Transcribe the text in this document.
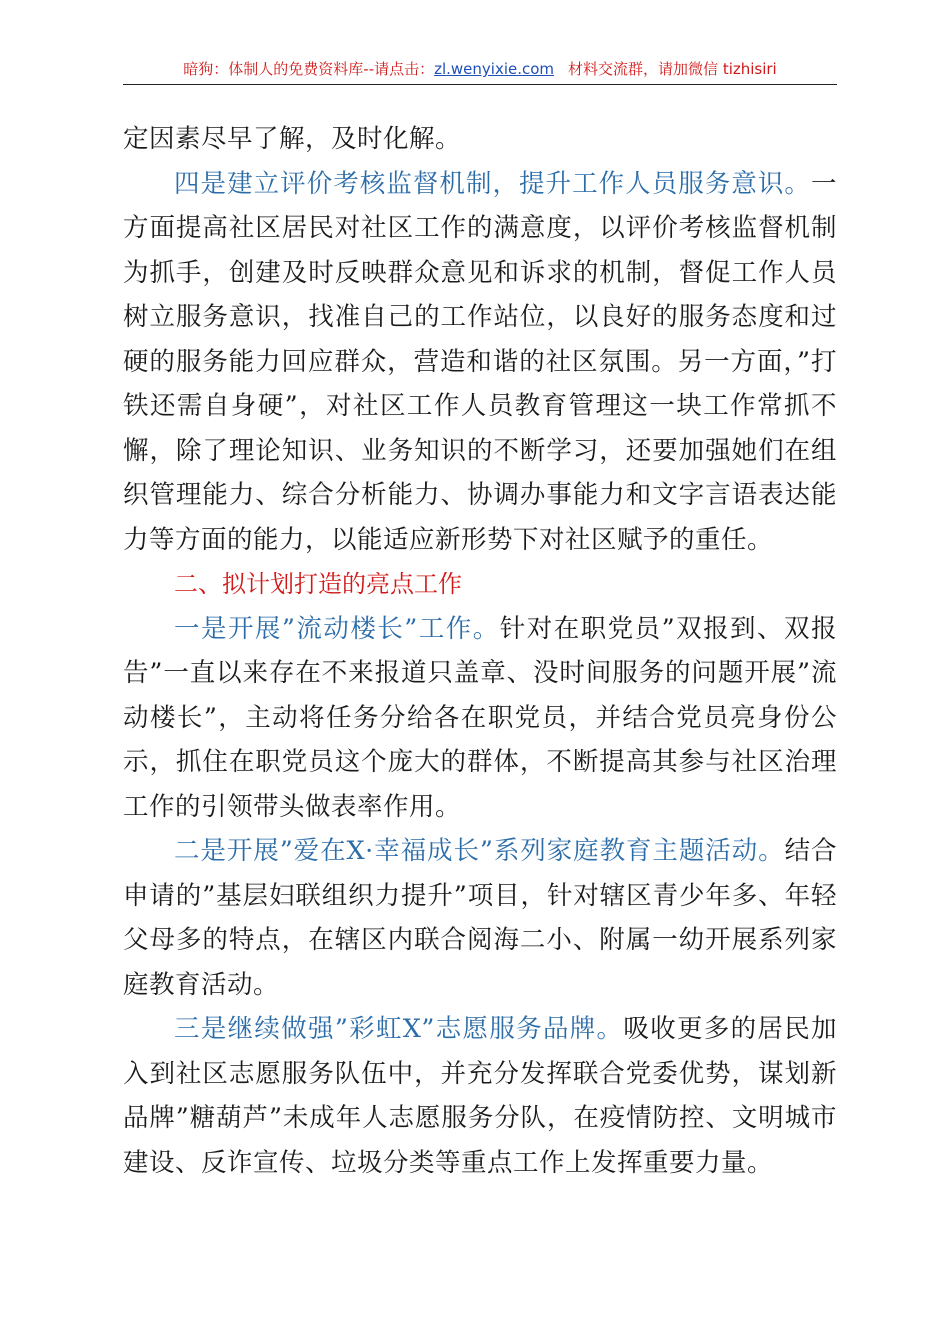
暗狗：体制人的免费资料库--请点击：zl.wenyixie.com 材料交流群，请加微信 tizhisiri

定因素尽早了解，及时化解。

四是建立评价考核监督机制，提升工作人员服务意识。一方面提高社区居民对社区工作的满意度，以评价考核监督机制为抓手，创建及时反映群众意见和诉求的机制，督促工作人员树立服务意识，找准自己的工作站位，以良好的服务态度和过硬的服务能力回应群众，营造和谐的社区氛围。另一方面，”打铁还需自身硬”，对社区工作人员教育管理这一块工作常抓不懈，除了理论知识、业务知识的不断学习，还要加强她们在组织管理能力、综合分析能力、协调办事能力和文字言语表达能力等方面的能力，以能适应新形势下对社区赋予的重任。

二、拟计划打造的亮点工作

一是开展”流动楼长”工作。针对在职党员”双报到、双报告”一直以来存在不来报道只盖章、没时间服务的问题开展”流动楼长”，主动将任务分给各在职党员，并结合党员亮身份公示，抓住在职党员这个庞大的群体，不断提高其参与社区治理工作的引领带头做表率作用。

二是开展”爱在X·幸福成长”系列家庭教育主题活动。结合申请的”基层妇联组织力提升”项目，针对辖区青少年多、年轻父母多的特点，在辖区内联合阅海二小、附属一幼开展系列家庭教育活动。

三是继续做强”彩虹X”志愿服务品牌。吸收更多的居民加入到社区志愿服务队伍中，并充分发挥联合党委优势，谋划新品牌”糖葫芦”未成年人志愿服务分队，在疫情防控、文明城市建设、反诈宣传、垃圾分类等重点工作上发挥重要力量。
